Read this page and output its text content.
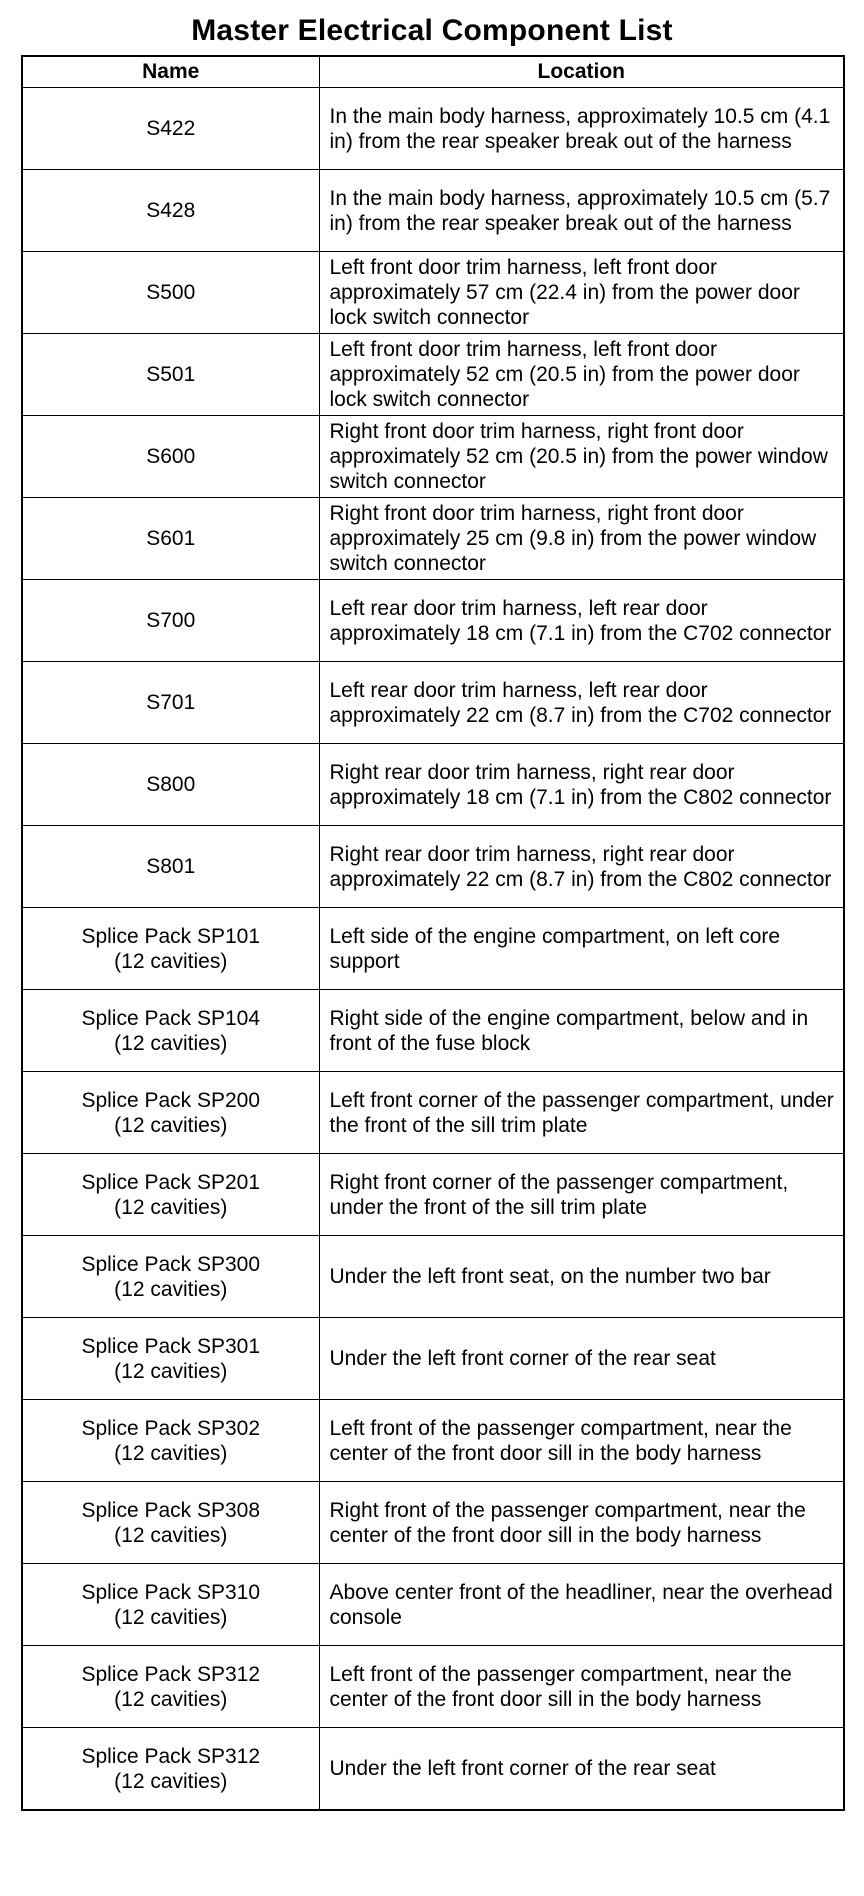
Master Electrical Component List
Name	Location

S422	In the main body harness, approximately 10.5 cm (4.1 in) from the rear speaker break out of the harness

S428	In the main body harness, approximately 10.5 cm (5.7 in) from the rear speaker break out of the harness

S500	Left front door trim harness, left front door approximately 57 cm (22.4 in) from the power door lock switch connector

S501	Left front door trim harness, left front door approximately 52 cm (20.5 in) from the power door lock switch connector

S600	Right front door trim harness, right front door approximately 52 cm (20.5 in) from the power window switch connector

S601	Right front door trim harness, right front door approximately 25 cm (9.8 in) from the power window switch connector

S700	Left rear door trim harness, left rear door approximately 18 cm (7.1 in) from the C702 connector

S701	Left rear door trim harness, left rear door approximately 22 cm (8.7 in) from the C702 connector

S800	Right rear door trim harness, right rear door approximately 18 cm (7.1 in) from the C802 connector

S801	Right rear door trim harness, right rear door approximately 22 cm (8.7 in) from the C802 connector

Splice Pack SP101
(12 cavities)	Left side of the engine compartment, on left core support

Splice Pack SP104
(12 cavities)	Right side of the engine compartment, below and in front of the fuse block

Splice Pack SP200
(12 cavities)	Left front corner of the passenger compartment, under the front of the sill trim plate

Splice Pack SP201
(12 cavities)	Right front corner of the passenger compartment, under the front of the sill trim plate

Splice Pack SP300
(12 cavities)	Under the left front seat, on the number two bar

Splice Pack SP301
(12 cavities)	Under the left front corner of the rear seat

Splice Pack SP302
(12 cavities)	Left front of the passenger compartment, near the center of the front door sill in the body harness

Splice Pack SP308
(12 cavities)	Right front of the passenger compartment, near the center of the front door sill in the body harness

Splice Pack SP310
(12 cavities)	Above center front of the headliner, near the overhead console

Splice Pack SP312
(12 cavities)	Left front of the passenger compartment, near the center of the front door sill in the body harness

Splice Pack SP312
(12 cavities)	Under the left front corner of the rear seat
